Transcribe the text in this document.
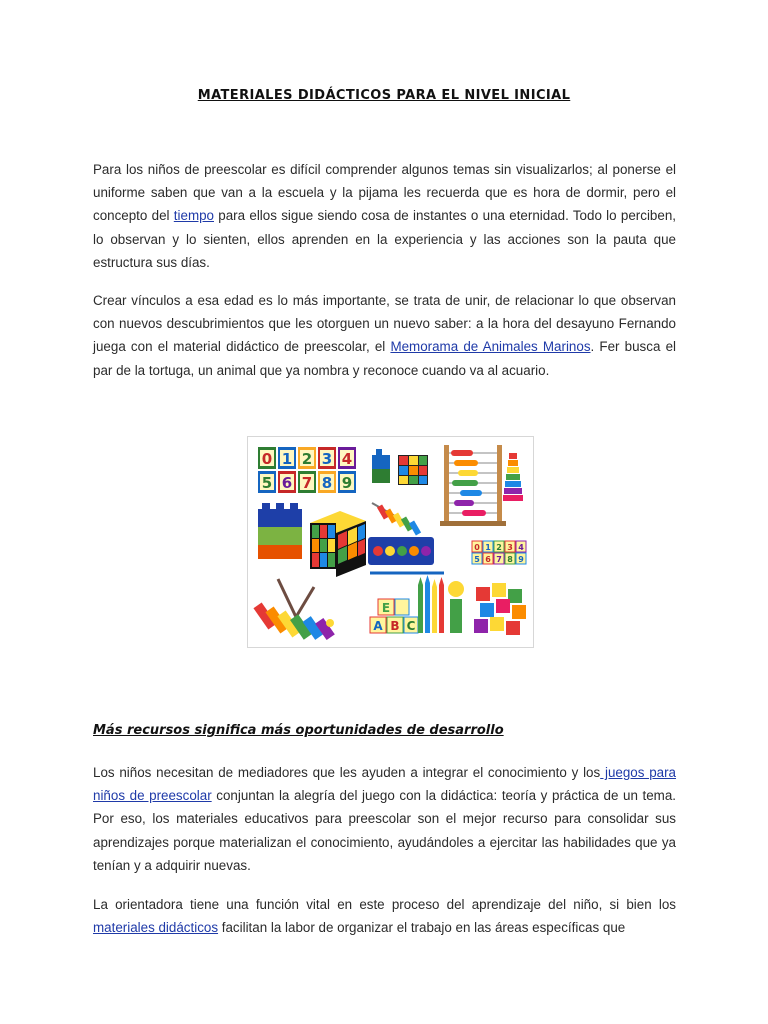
MATERIALES DIDÁCTICOS PARA EL NIVEL INICIAL

Para los niños de preescolar es difícil comprender algunos temas sin visualizarlos; al ponerse el uniforme saben que van a la escuela y la pijama les recuerda que es hora de dormir, pero el concepto del tiempo para ellos sigue siendo cosa de instantes o una eternidad. Todo lo perciben, lo observan y lo sienten, ellos aprenden en la experiencia y las acciones son la pauta que estructura sus días.

Crear vínculos a esa edad es lo más importante, se trata de unir, de relacionar lo que observan con nuevos descubrimientos que les otorguen un nuevo saber: a la hora del desayuno Fernando juega con el material didáctico de preescolar, el Memorama de Animales Marinos. Fer busca el par de la tortuga, un animal que ya nombra y reconoce cuando va al acuario.

0 1 2 3 4
5 6 7 8 9
0 1 2 3 4
5 6 7 8 9
E
A B C
Más recursos significa más oportunidades de desarrollo

Los niños necesitan de mediadores que les ayuden a integrar el conocimiento y los juegos para niños de preescolar conjuntan la alegría del juego con la didáctica: teoría y práctica de un tema. Por eso, los materiales educativos para preescolar son el mejor recurso para consolidar sus aprendizajes porque materializan el conocimiento, ayudándoles a ejercitar las habilidades que ya tenían y a adquirir nuevas.

La orientadora tiene una función vital en este proceso del aprendizaje del niño, si bien los materiales didácticos facilitan la labor de organizar el trabajo en las áreas específicas que
